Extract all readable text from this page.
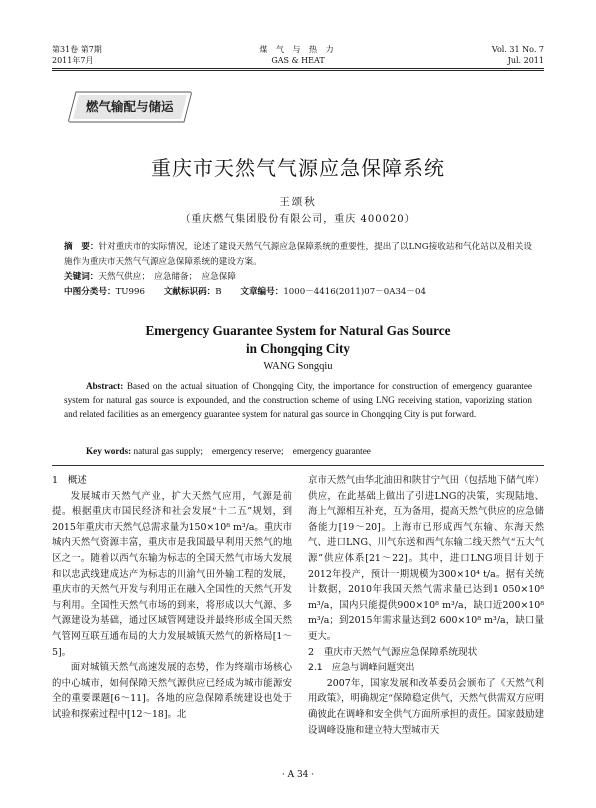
第31卷 第7期
2011年7月
煤 气 与 热 力
GAS & HEAT
Vol. 31 No. 7
Jul. 2011
燃气输配与储运
重庆市天然气气源应急保障系统
王颂秋
（重庆燃气集团股份有限公司，重庆 400020）
摘　要：针对重庆市的实际情况，论述了建设天然气气源应急保障系统的重要性，提出了以LNG接收站和气化站以及相关设施作为重庆市天然气气源应急保障系统的建设方案。
关键词：天然气供应；　应急储备；　应急保障
中图分类号：TU996 文献标识码：B 文章编号：1000－4416(2011)07－0A34－04
Emergency Guarantee System for Natural Gas Source
in Chongqing City
WANG Songqiu
Abstract: Based on the actual situation of Chongqing City, the importance for construction of emergency guarantee system for natural gas source is expounded, and the construction scheme of using LNG receiving station, vaporizing station and related facilities as an emergency guarantee system for natural gas source in Chongqing City is put forward.
Key words: natural gas supply;　emergency reserve;　emergency guarantee

1　概述

发展城市天然气产业，扩大天然气应用，气源是前提。根据重庆市国民经济和社会发展“十二五”规划，到2015年重庆市天然气总需求量为150×10⁸ m³/a。重庆市城内天然气资源丰富，重庆市是我国最早利用天然气的地区之一。随着以西气东输为标志的全国天然气市场大发展和以忠武线建成达产为标志的川渝气田外输工程的发展，重庆市的天然气开发与利用正在融入全国性的天然气开发与利用。全国性天然气市场的到来，将形成以大气源、多气源建设为基础，通过区域管网建设并最终形成全国天然气管网互联互通布局的大力发展城镇天然气的新格局[1～5]。

面对城镇天然气高速发展的态势，作为终端市场核心的中心城市，如何保障天然气源供应已经成为城市能源安全的重要课题[6～11]。各地的应急保障系统建设也处于试验和探索过程中[12～18]。北

京市天然气由华北油田和陕甘宁气田（包括地下储气库）供应，在此基础上做出了引进LNG的决策，实现陆地、海上气源相互补充，互为备用，提高天然气供应的应急储备能力[19～20]。上海市已形成西气东输、东海天然气、进口LNG、川气东送和西气东输二线天然气“五大气源”供应体系[21～22]。其中，进口LNG项目计划于2012年投产，预计一期规模为300×10⁴ t/a。据有关统计数据，2010年我国天然气需求量已达到1 050×10⁸ m³/a，国内只能提供900×10⁸ m³/a，缺口近200×10⁸ m³/a；到2015年需求量达到2 600×10⁸ m³/a，缺口量更大。

2　重庆市天然气气源应急保障系统现状

2.1　应急与调峰问题突出

2007年，国家发展和改革委员会颁布了《天然气利用政策》，明确规定“保障稳定供气，天然气供需双方应明确彼此在调峰和安全供气方面所承担的责任。国家鼓励建设调峰设施和建立特大型城市天

· A 34 ·
